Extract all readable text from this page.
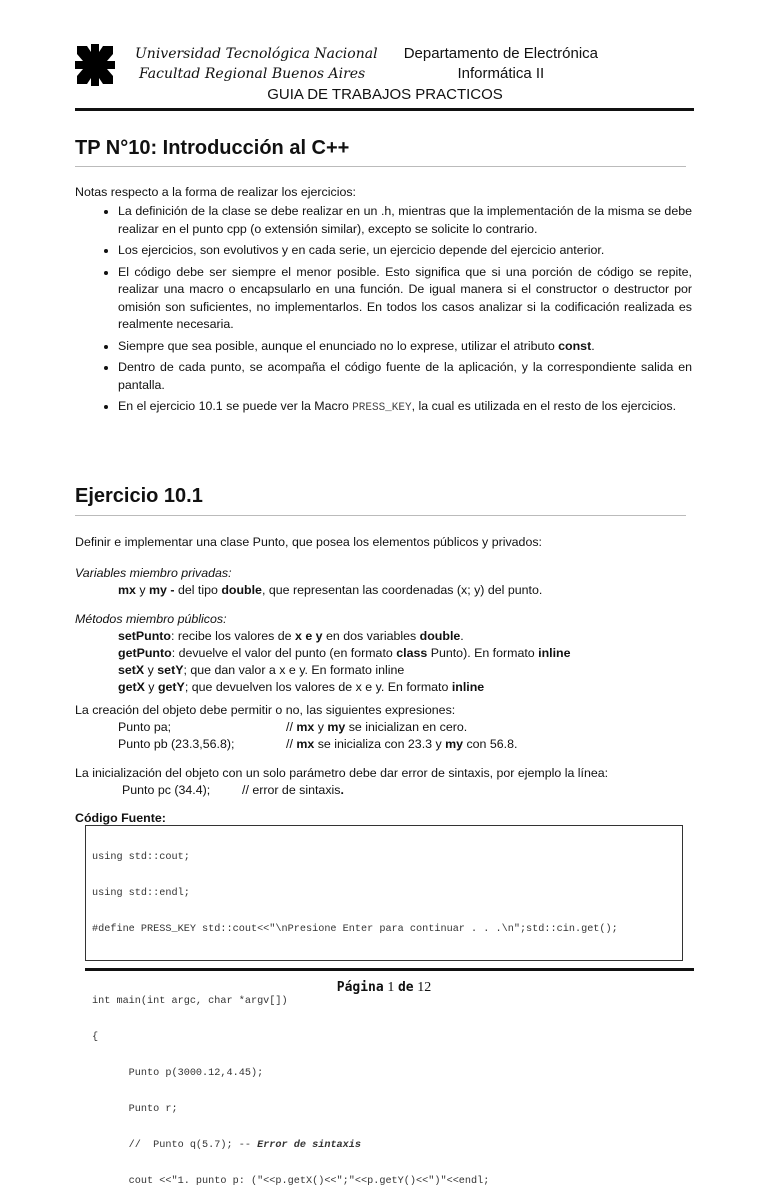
Universidad Tecnológica Nacional
Facultad Regional Buenos Aires
Departamento de Electrónica
Informática II
GUIA DE TRABAJOS PRACTICOS
TP N°10: Introducción al C++
Notas respecto a la forma de realizar los ejercicios:
• La definición de la clase se debe realizar en un .h, mientras que la implementación de la misma se debe realizar en el punto cpp (o extensión similar), excepto se solicite lo contrario.
• Los ejercicios, son evolutivos y en cada serie, un ejercicio depende del ejercicio anterior.
• El código debe ser siempre el menor posible. Esto significa que si una porción de código se repite, realizar una macro o encapsularlo en una función. De igual manera si el constructor o destructor por omisión son suficientes, no implementarlos. En todos los casos analizar si la codificación realizada es realmente necesaria.
• Siempre que sea posible, aunque el enunciado no lo exprese, utilizar el atributo const.
• Dentro de cada punto, se acompaña el código fuente de la aplicación, y la correspondiente salida en pantalla.
• En el ejercicio 10.1 se puede ver la Macro PRESS_KEY, la cual es utilizada en el resto de los ejercicios.
Ejercicio 10.1
Definir e implementar una clase Punto, que posea los elementos públicos y privados:
Variables miembro privadas:
mx y my - del tipo double, que representan las coordenadas (x; y) del punto.
Métodos miembro públicos:
setPunto: recibe los valores de x e y en dos variables double.
getPunto: devuelve el valor del punto (en formato class Punto). En formato inline
setX y setY; que dan valor a x e y. En formato inline
getX y getY; que devuelven los valores de x e y. En formato inline
La creación del objeto debe permitir o no, las siguientes expresiones:
Punto pa;	// mx y my se inicializan en cero.
Punto pb (23.3,56.8);	// mx se inicializa con 23.3 y my con 56.8.
La inicialización del objeto con un solo parámetro debe dar error de sintaxis, por ejemplo la línea:
Punto pc (34.4);	// error de sintaxis.
Código Fuente:

using std::cout;

using std::endl;

#define PRESS_KEY std::cout<<"\nPresione Enter para continuar . . .\n";std::cin.get();

int main(int argc, char *argv[])

{

Punto p(3000.12,4.45);

Punto r;

//  Punto q(5.7); -- Error de sintaxis

cout <<"1. punto p: ("<<p.getX()<<";"<<p.getY()<<")"<<endl;

Página 1 de 12
